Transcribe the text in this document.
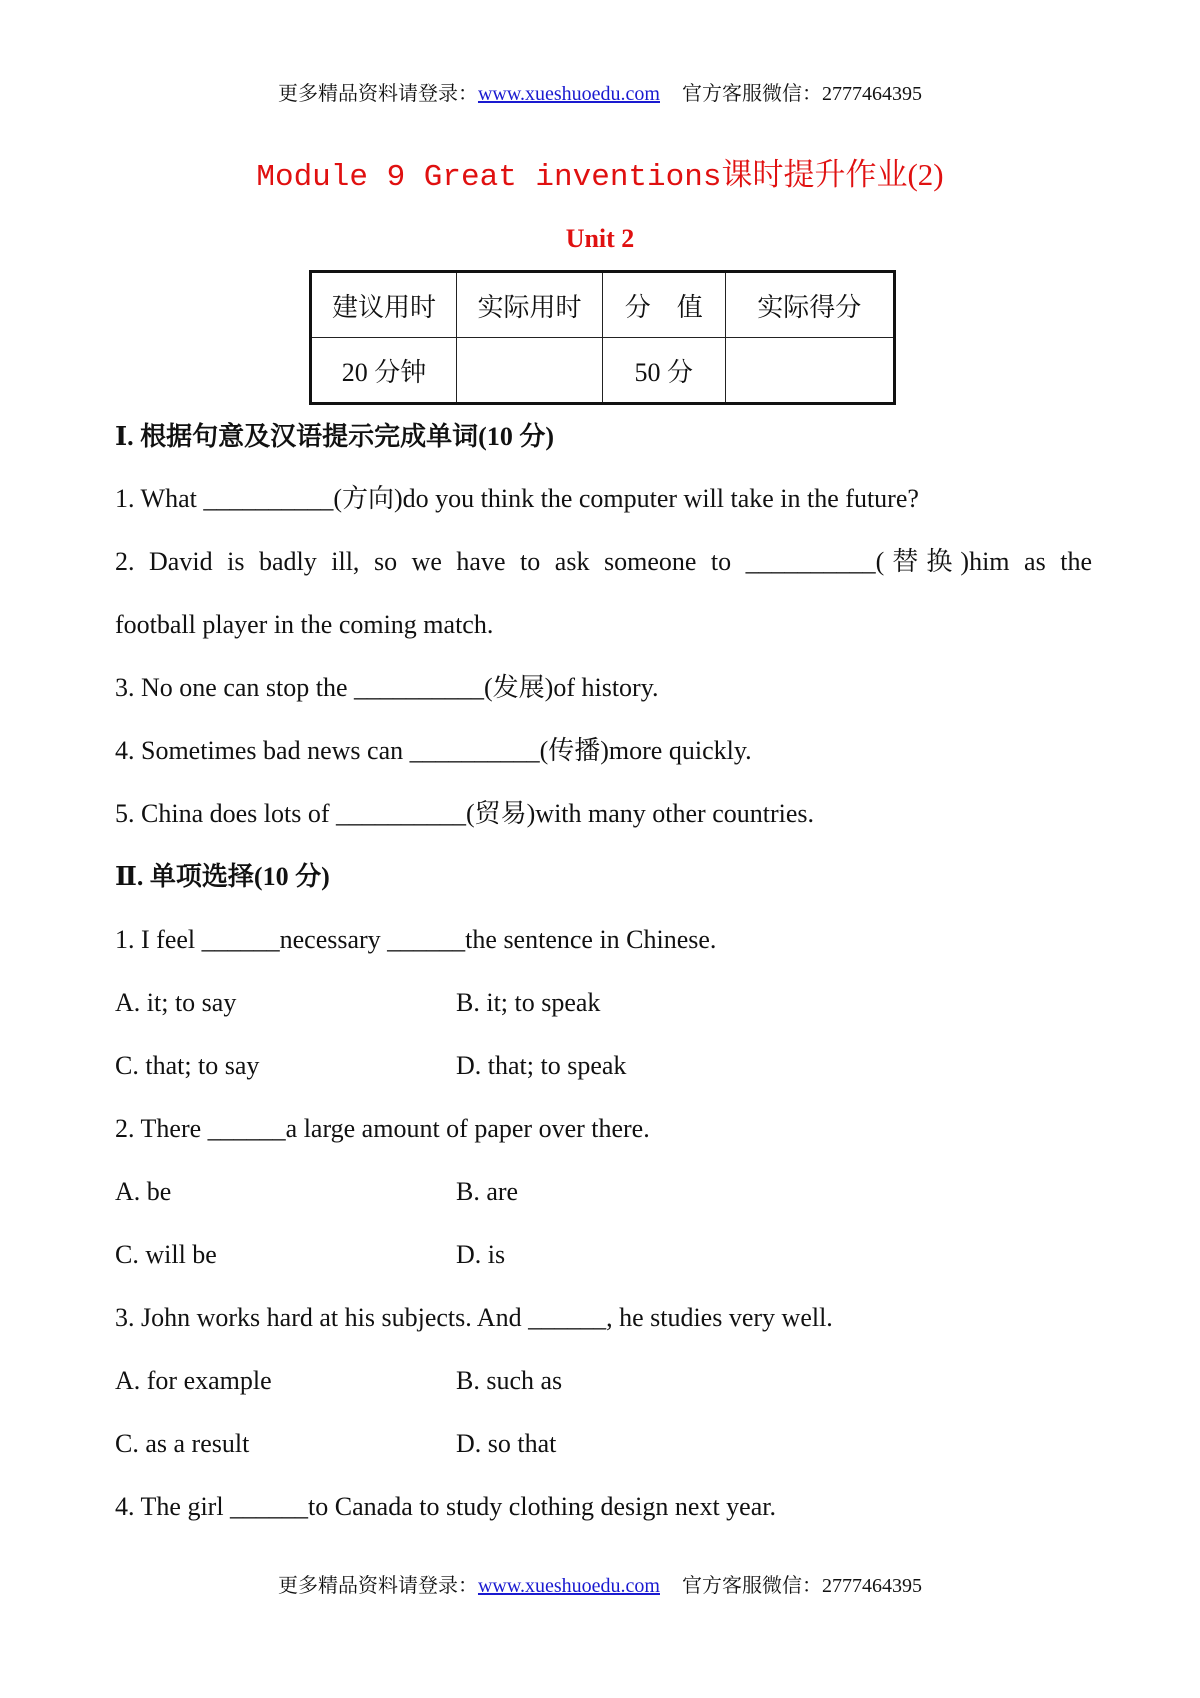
更多精品资料请登录：www.xueshuoedu.com 官方客服微信：2777464395
Module 9 Great inventions课时提升作业(2)
Unit 2
建议用时	实际用时	分　值	实际得分
20 分钟		50 分	
Ⅰ. 根据句意及汉语提示完成单词(10 分)
1. What __________(方向)do you think the computer will take in the future?
2. David is badly ill, so we have to ask someone to __________(替换)him as the
football player in the coming match.
3. No one can stop the __________(发展)of history.
4. Sometimes bad news can __________(传播)more quickly.
5. China does lots of __________(贸易)with many other countries.
Ⅱ. 单项选择(10 分)
1. I feel ______necessary ______the sentence in Chinese.
A. it; to say	B. it; to speak
C. that; to say	D. that; to speak
2. There ______a large amount of paper over there.
A. be	B. are
C. will be	D. is
3. John works hard at his subjects. And ______, he studies very well.
A. for example	B. such as
C. as a result	D. so that
4. The girl ______to Canada to study clothing design next year.
更多精品资料请登录：www.xueshuoedu.com 官方客服微信：2777464395
